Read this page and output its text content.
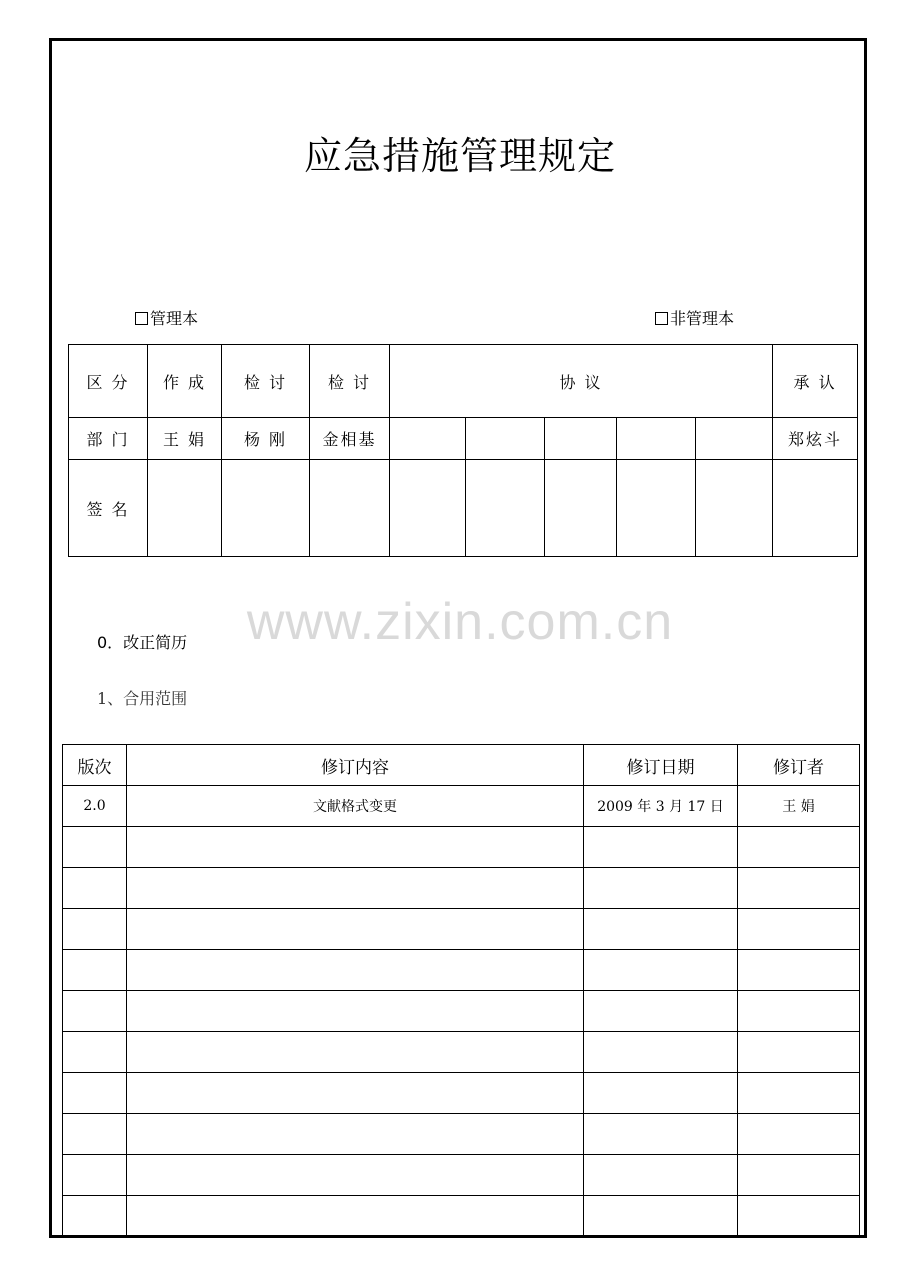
应急措施管理规定
管理本	非管理本
区 分	作 成	检 讨	检 讨	协 议					承 认
部 门	王 娟	杨 刚	金相基						郑炫斗
签 名									
www.zixin.com.cn
0．改正简历
1、合用范围
版次	修订内容	修订日期	修订者
2.0	文献格式变更	2009 年 3 月 17 日	王 娟
